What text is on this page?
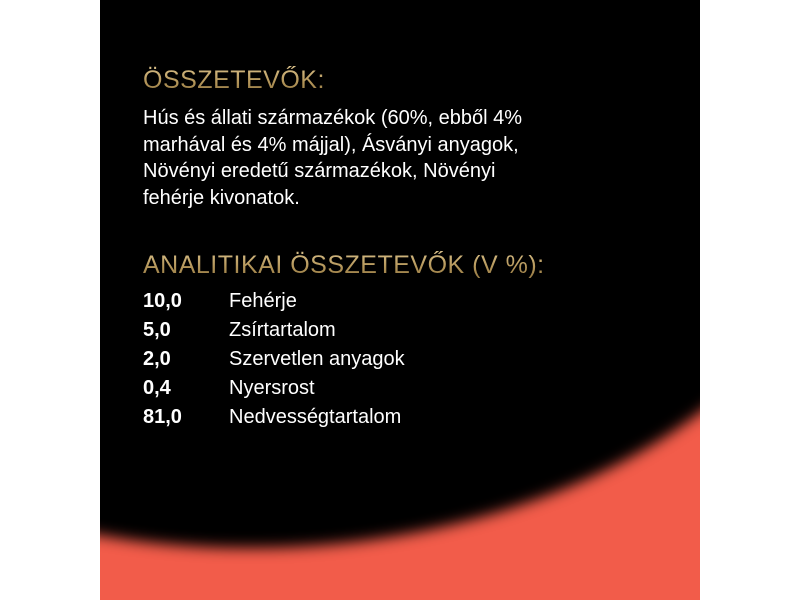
ÖSSZETEVŐK:
Hús és állati származékok (60%, ebből 4%
marhával és 4% májjal), Ásványi anyagok,
Növényi eredetű származékok, Növényi
fehérje kivonatok.
ANALITIKAI ÖSSZETEVŐK (V %):
10,0 Fehérje
5,0	Zsírtartalom
2,0	Szervetlen anyagok
0,4	Nyersrost
81,0 Nedvességtartalom
